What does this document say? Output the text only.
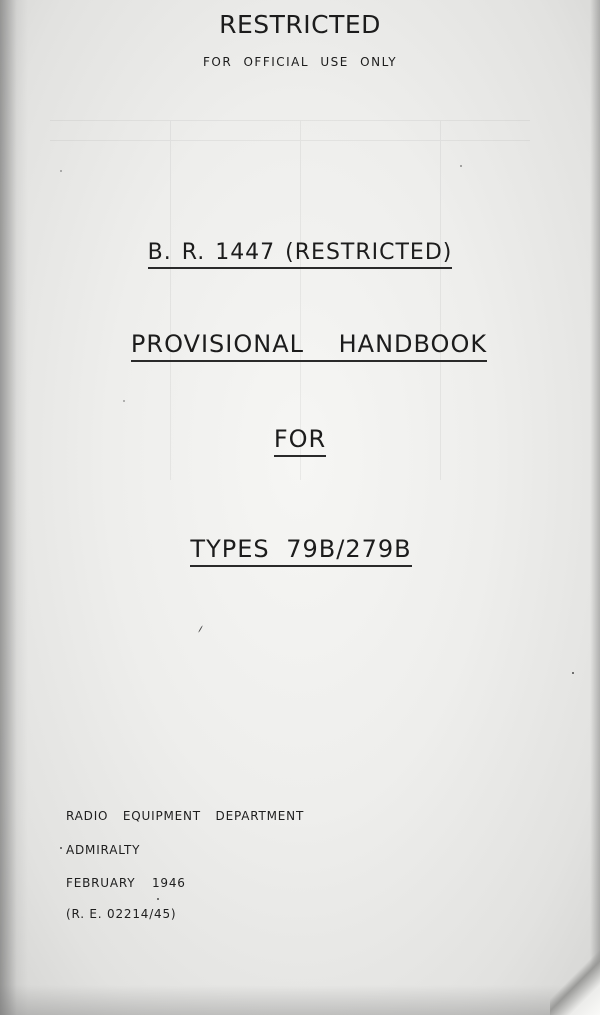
RESTRICTED
FOR OFFICIAL USE ONLY
B. R. 1447 (RESTRICTED)
PROVISIONAL HANDBOOK
FOR
TYPES 79B/279B
RADIO EQUIPMENT DEPARTMENT
ADMIRALTY
FEBRUARY 1946
(R. E. 02214/45)
